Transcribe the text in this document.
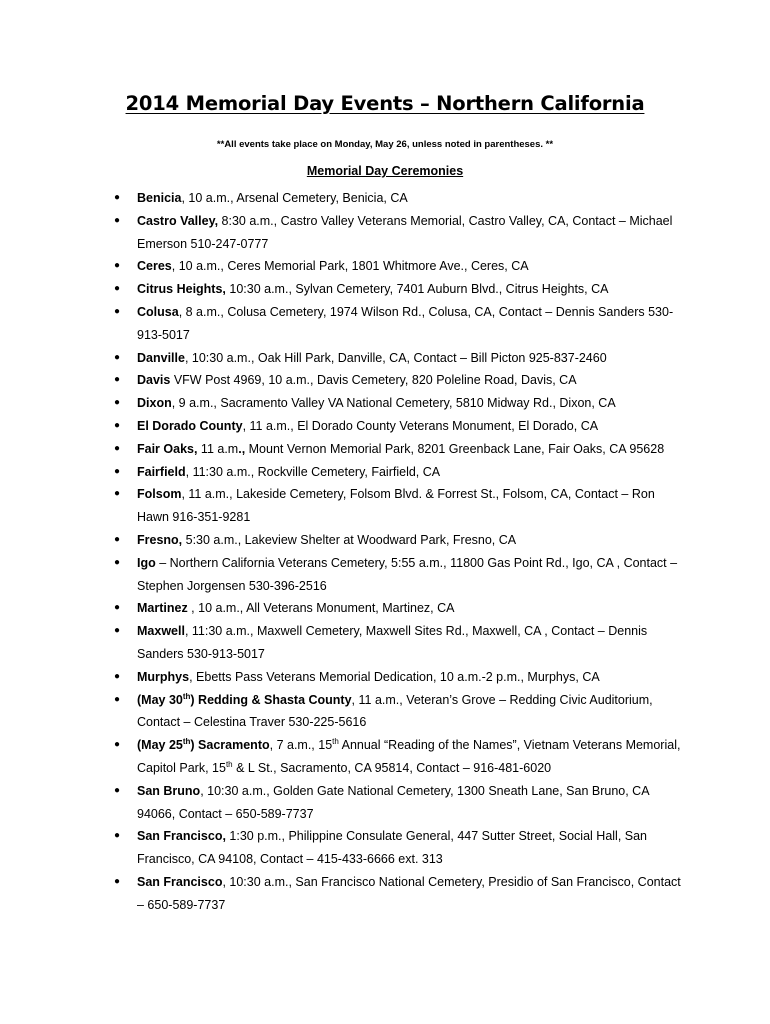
2014 Memorial Day Events – Northern California

**All events take place on Monday, May 26, unless noted in parentheses. **

Memorial Day Ceremonies
● Benicia, 10 a.m., Arsenal Cemetery, Benicia, CA
● Castro Valley, 8:30 a.m., Castro Valley Veterans Memorial, Castro Valley, CA, Contact – Michael Emerson 510-247-0777
● Ceres, 10 a.m., Ceres Memorial Park, 1801 Whitmore Ave., Ceres, CA
● Citrus Heights, 10:30 a.m., Sylvan Cemetery, 7401 Auburn Blvd., Citrus Heights, CA
● Colusa, 8 a.m., Colusa Cemetery, 1974 Wilson Rd., Colusa, CA, Contact – Dennis Sanders 530-913-5017
● Danville, 10:30 a.m., Oak Hill Park, Danville, CA, Contact – Bill Picton 925-837-2460
● Davis VFW Post 4969, 10 a.m., Davis Cemetery, 820 Poleline Road, Davis, CA
● Dixon, 9 a.m., Sacramento Valley VA National Cemetery, 5810 Midway Rd., Dixon, CA
● El Dorado County, 11 a.m., El Dorado County Veterans Monument, El Dorado, CA
● Fair Oaks, 11 a.m., Mount Vernon Memorial Park, 8201 Greenback Lane, Fair Oaks, CA 95628
● Fairfield, 11:30 a.m., Rockville Cemetery, Fairfield, CA
● Folsom, 11 a.m., Lakeside Cemetery, Folsom Blvd. & Forrest St., Folsom, CA, Contact – Ron Hawn 916-351-9281
● Fresno, 5:30 a.m., Lakeview Shelter at Woodward Park, Fresno, CA
● Igo – Northern California Veterans Cemetery, 5:55 a.m., 11800 Gas Point Rd., Igo, CA , Contact – Stephen Jorgensen 530-396-2516
● Martinez , 10 a.m., All Veterans Monument, Martinez, CA
● Maxwell, 11:30 a.m., Maxwell Cemetery, Maxwell Sites Rd., Maxwell, CA , Contact – Dennis Sanders 530-913-5017
● Murphys, Ebetts Pass Veterans Memorial Dedication, 10 a.m.-2 p.m., Murphys, CA
● (May 30th) Redding & Shasta County, 11 a.m., Veteran’s Grove – Redding Civic Auditorium, Contact – Celestina Traver 530-225-5616
● (May 25th) Sacramento, 7 a.m., 15th Annual “Reading of the Names”, Vietnam Veterans Memorial, Capitol Park, 15th & L St., Sacramento, CA 95814, Contact – 916-481-6020
● San Bruno, 10:30 a.m., Golden Gate National Cemetery, 1300 Sneath Lane, San Bruno, CA 94066, Contact – 650-589-7737
● San Francisco, 1:30 p.m., Philippine Consulate General, 447 Sutter Street, Social Hall, San Francisco, CA 94108, Contact – 415-433-6666 ext. 313
● San Francisco, 10:30 a.m., San Francisco National Cemetery, Presidio of San Francisco, Contact – 650-589-7737
